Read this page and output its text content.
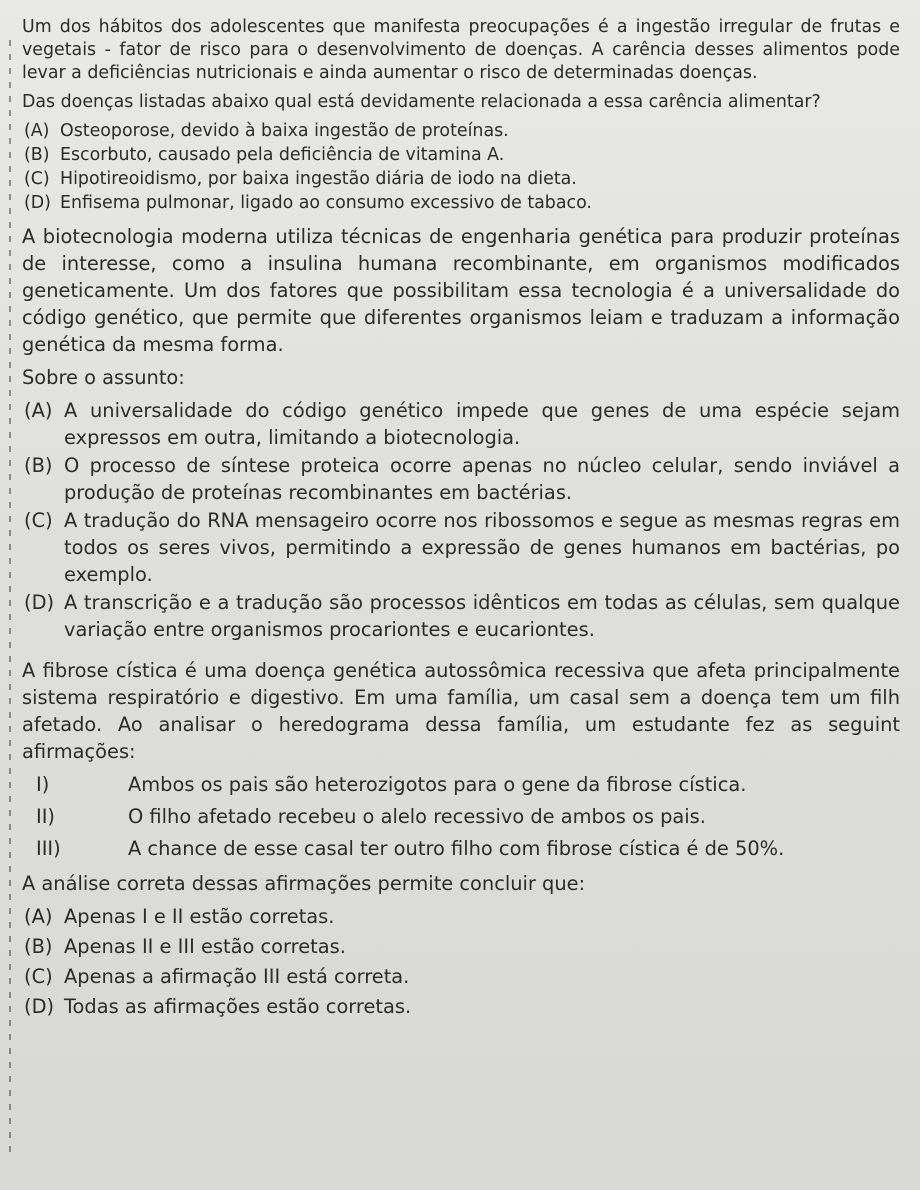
Um dos hábitos dos adolescentes que manifesta preocupações é a ingestão irregular de frutas e vegetais - fator de risco para o desenvolvimento de doenças. A carência desses alimentos pode levar a deficiências nutricionais e ainda aumentar o risco de determinadas doenças.

Das doenças listadas abaixo qual está devidamente relacionada a essa carência alimentar?

(A) Osteoporose, devido à baixa ingestão de proteínas.
(B) Escorbuto, causado pela deficiência de vitamina A.
(C) Hipotireoidismo, por baixa ingestão diária de iodo na dieta.
(D) Enfisema pulmonar, ligado ao consumo excessivo de tabaco.

A biotecnologia moderna utiliza técnicas de engenharia genética para produzir proteínas de interesse, como a insulina humana recombinante, em organismos modificados geneticamente. Um dos fatores que possibilitam essa tecnologia é a universalidade do código genético, que permite que diferentes organismos leiam e traduzam a informação genética da mesma forma.

Sobre o assunto:

(A) A universalidade do código genético impede que genes de uma espécie sejam expressos em outra, limitando a biotecnologia.
(B) O processo de síntese proteica ocorre apenas no núcleo celular, sendo inviável a produção de proteínas recombinantes em bactérias.
(C) A tradução do RNA mensageiro ocorre nos ribossomos e segue as mesmas regras em todos os seres vivos, permitindo a expressão de genes humanos em bactérias, po exemplo.
(D) A transcrição e a tradução são processos idênticos em todas as células, sem qualque variação entre organismos procariontes e eucariontes.

A fibrose cística é uma doença genética autossômica recessiva que afeta principalmente sistema respiratório e digestivo. Em uma família, um casal sem a doença tem um filh afetado. Ao analisar o heredograma dessa família, um estudante fez as seguint afirmações:

I)	Ambos os pais são heterozigotos para o gene da fibrose cística.
II)	O filho afetado recebeu o alelo recessivo de ambos os pais.
III)	A chance de esse casal ter outro filho com fibrose cística é de 50%.

A análise correta dessas afirmações permite concluir que:

(A) Apenas I e II estão corretas.
(B) Apenas II e III estão corretas.
(C) Apenas a afirmação III está correta.
(D) Todas as afirmações estão corretas.
